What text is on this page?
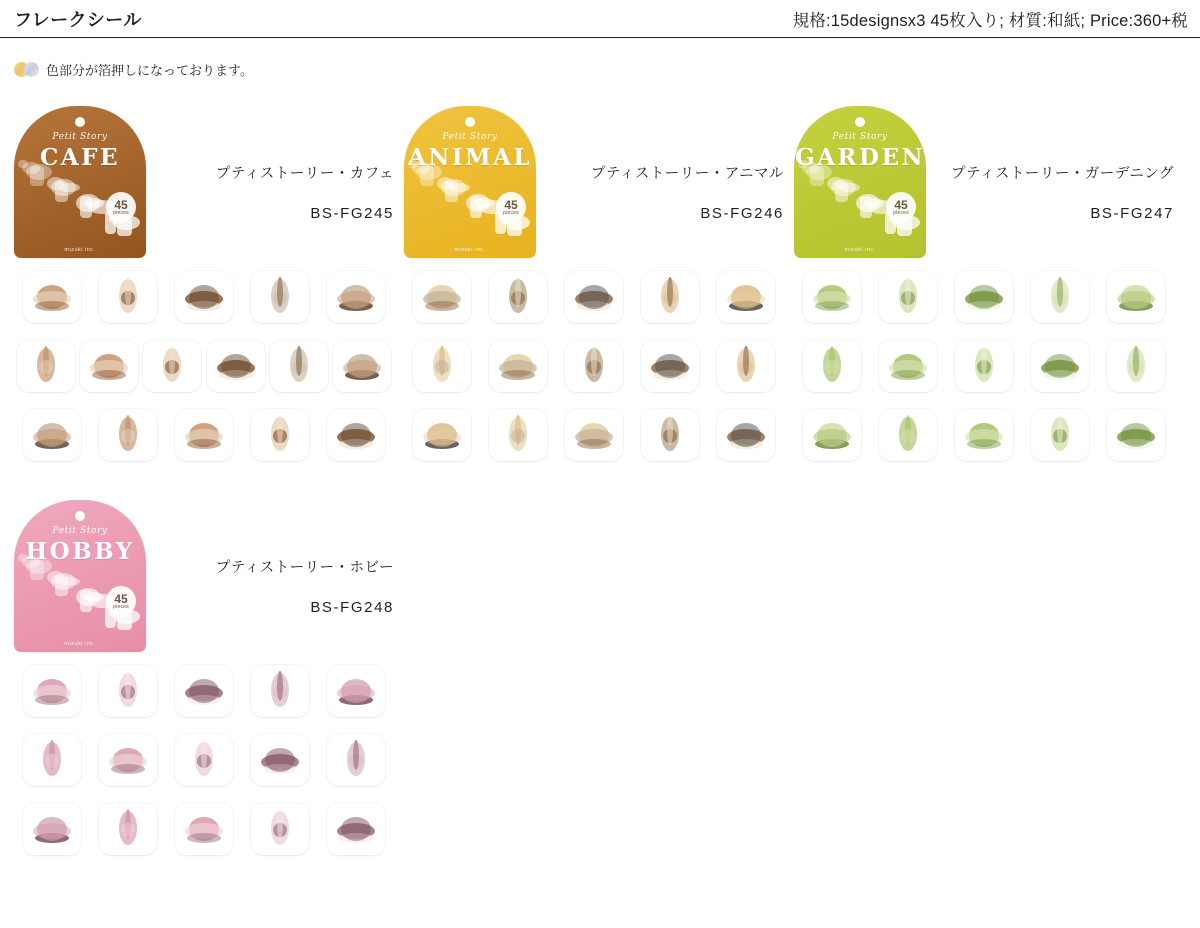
フレークシール	規格:15designsx3 45枚入り; 材質:和紙; Price:360+税
色部分が箔押しになっております。
Petit Story
CAFE
45
pieces
mizuki inc.
プティストーリー・カフェ
BS-FG245
Petit Story
ANIMAL
45
pieces
mizuki inc.
プティストーリー・アニマル
BS-FG246
Petit Story
GARDEN
45
pieces
mizuki inc.
プティストーリー・ガーデニング
BS-FG247
Petit Story
HOBBY
45
pieces
mizuki inc.
プティストーリー・ホビー
BS-FG248
